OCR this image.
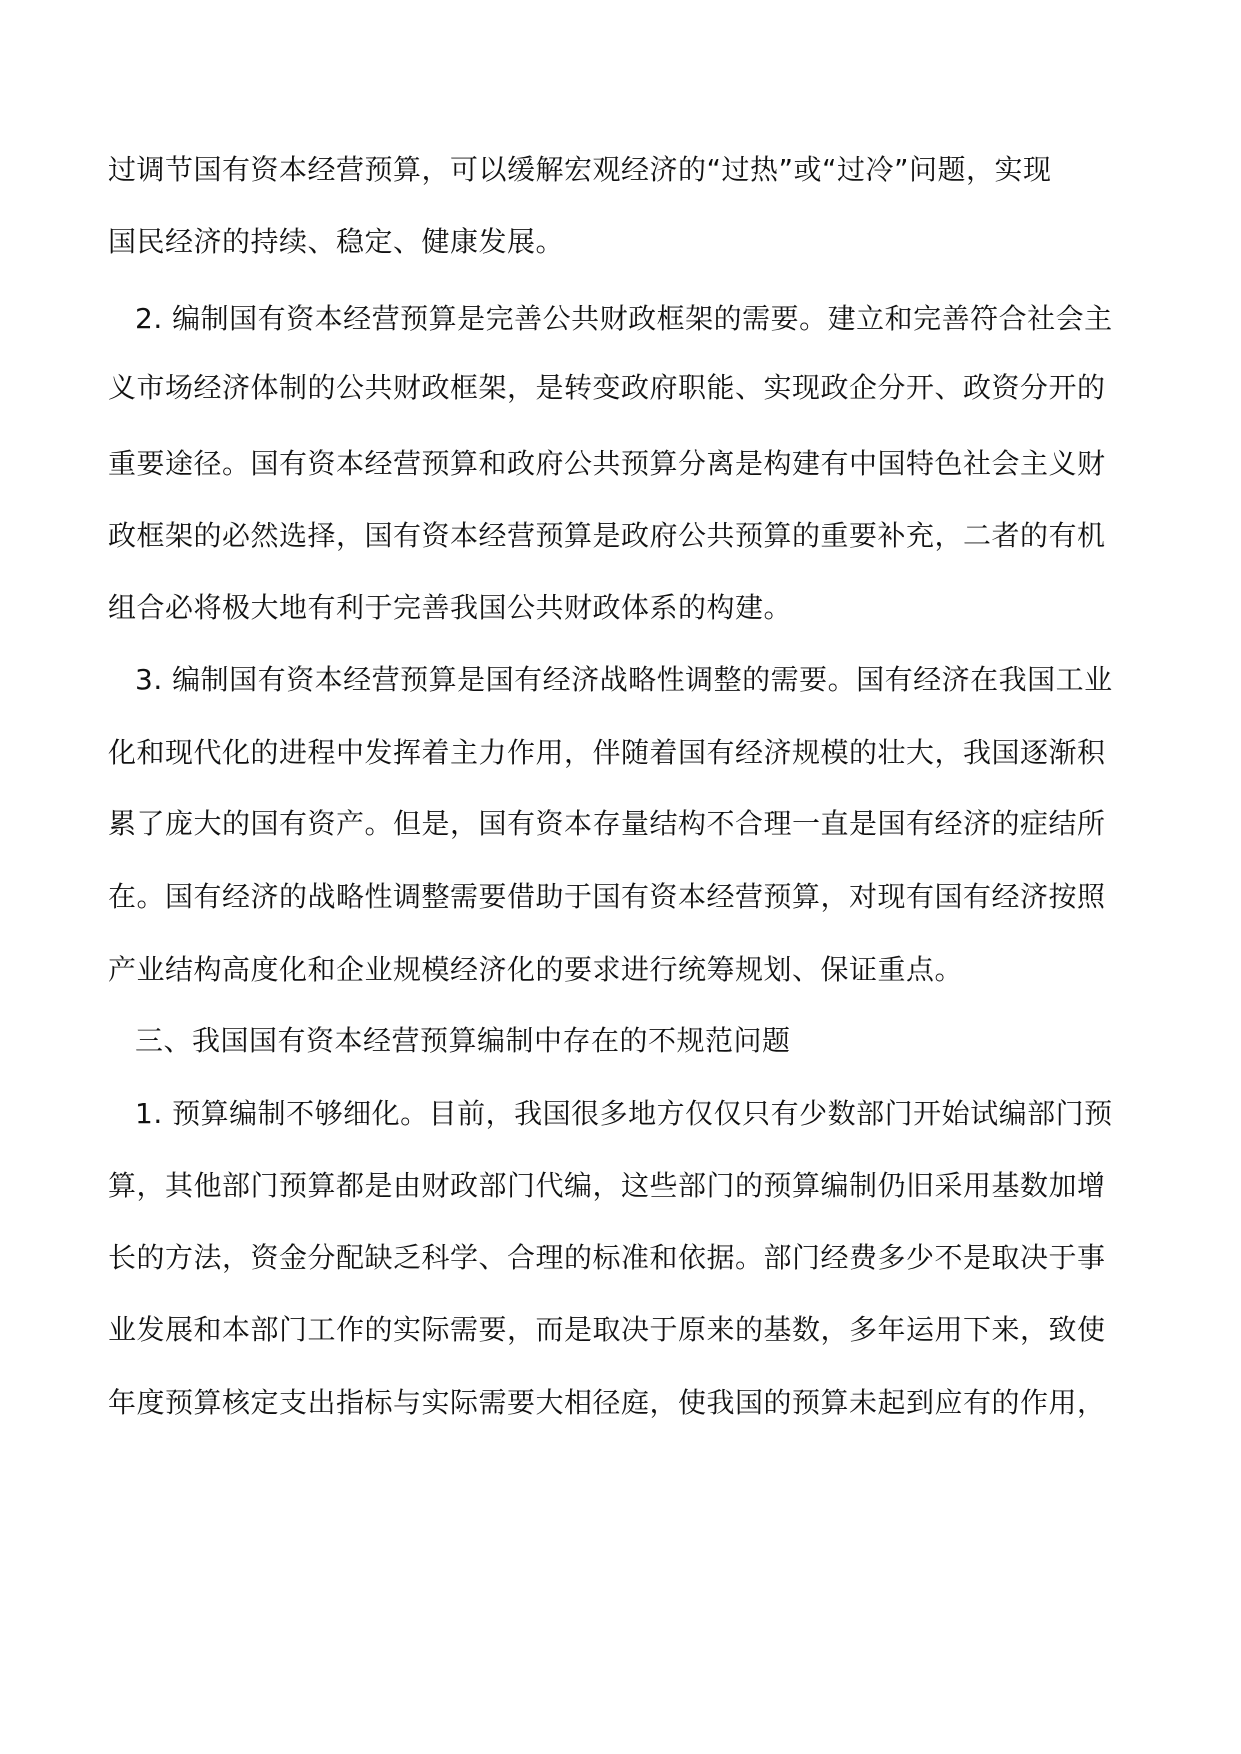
过调节国有资本经营预算，可以缓解宏观经济的“过热”或“过冷”问题，实现
国民经济的持续、稳定、健康发展。
2. 编制国有资本经营预算是完善公共财政框架的需要。建立和完善符合社会主
义市场经济体制的公共财政框架，是转变政府职能、实现政企分开、政资分开的
重要途径。国有资本经营预算和政府公共预算分离是构建有中国特色社会主义财
政框架的必然选择，国有资本经营预算是政府公共预算的重要补充，二者的有机
组合必将极大地有利于完善我国公共财政体系的构建。
3. 编制国有资本经营预算是国有经济战略性调整的需要。国有经济在我国工业
化和现代化的进程中发挥着主力作用，伴随着国有经济规模的壮大，我国逐渐积
累了庞大的国有资产。但是，国有资本存量结构不合理一直是国有经济的症结所
在。国有经济的战略性调整需要借助于国有资本经营预算，对现有国有经济按照
产业结构高度化和企业规模经济化的要求进行统筹规划、保证重点。
三、我国国有资本经营预算编制中存在的不规范问题
1. 预算编制不够细化。目前，我国很多地方仅仅只有少数部门开始试编部门预
算，其他部门预算都是由财政部门代编，这些部门的预算编制仍旧采用基数加增
长的方法，资金分配缺乏科学、合理的标准和依据。部门经费多少不是取决于事
业发展和本部门工作的实际需要，而是取决于原来的基数，多年运用下来，致使
年度预算核定支出指标与实际需要大相径庭，使我国的预算未起到应有的作用，
